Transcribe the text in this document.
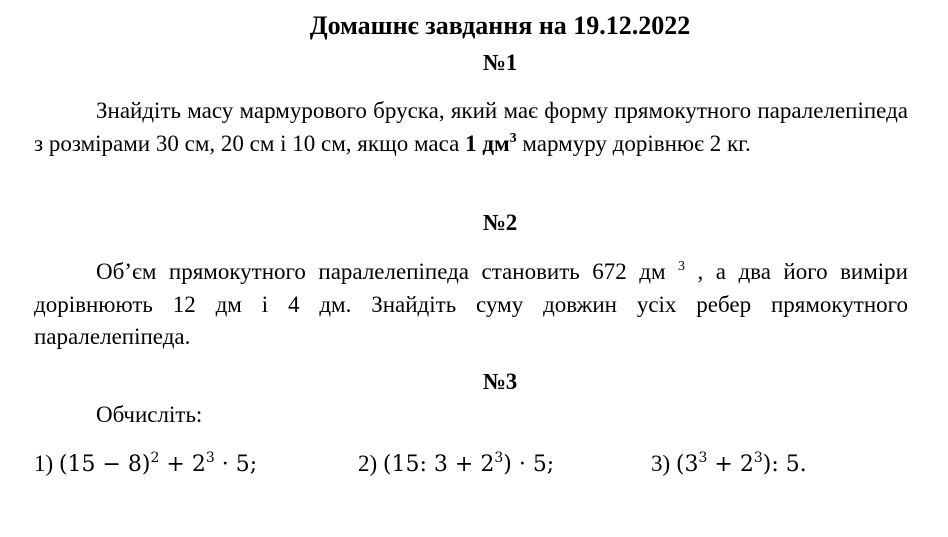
Домашнє завдання на 19.12.2022
№1

Знайдіть масу мармурового бруска, який має форму прямокутного паралелепіпеда з розмірами 30 см, 20 см і 10 см, якщо маса 1 $дм^3$ мармуру дорівнює 2 кг.

№2

Об’єм прямокутного паралелепіпеда становить 672 дм $^3$ , а два його виміри дорівнюють 12 дм і 4 дм. Знайдіть суму довжин усіх ребер прямокутного паралелепіпеда.

№3

Обчисліть:

1) $(15 - 8)^2 + 2^3 \cdot 5$;	2) (15: $3 + 2^3) \cdot 5$;	3) $(3^3 + 2^3)$: 5.
